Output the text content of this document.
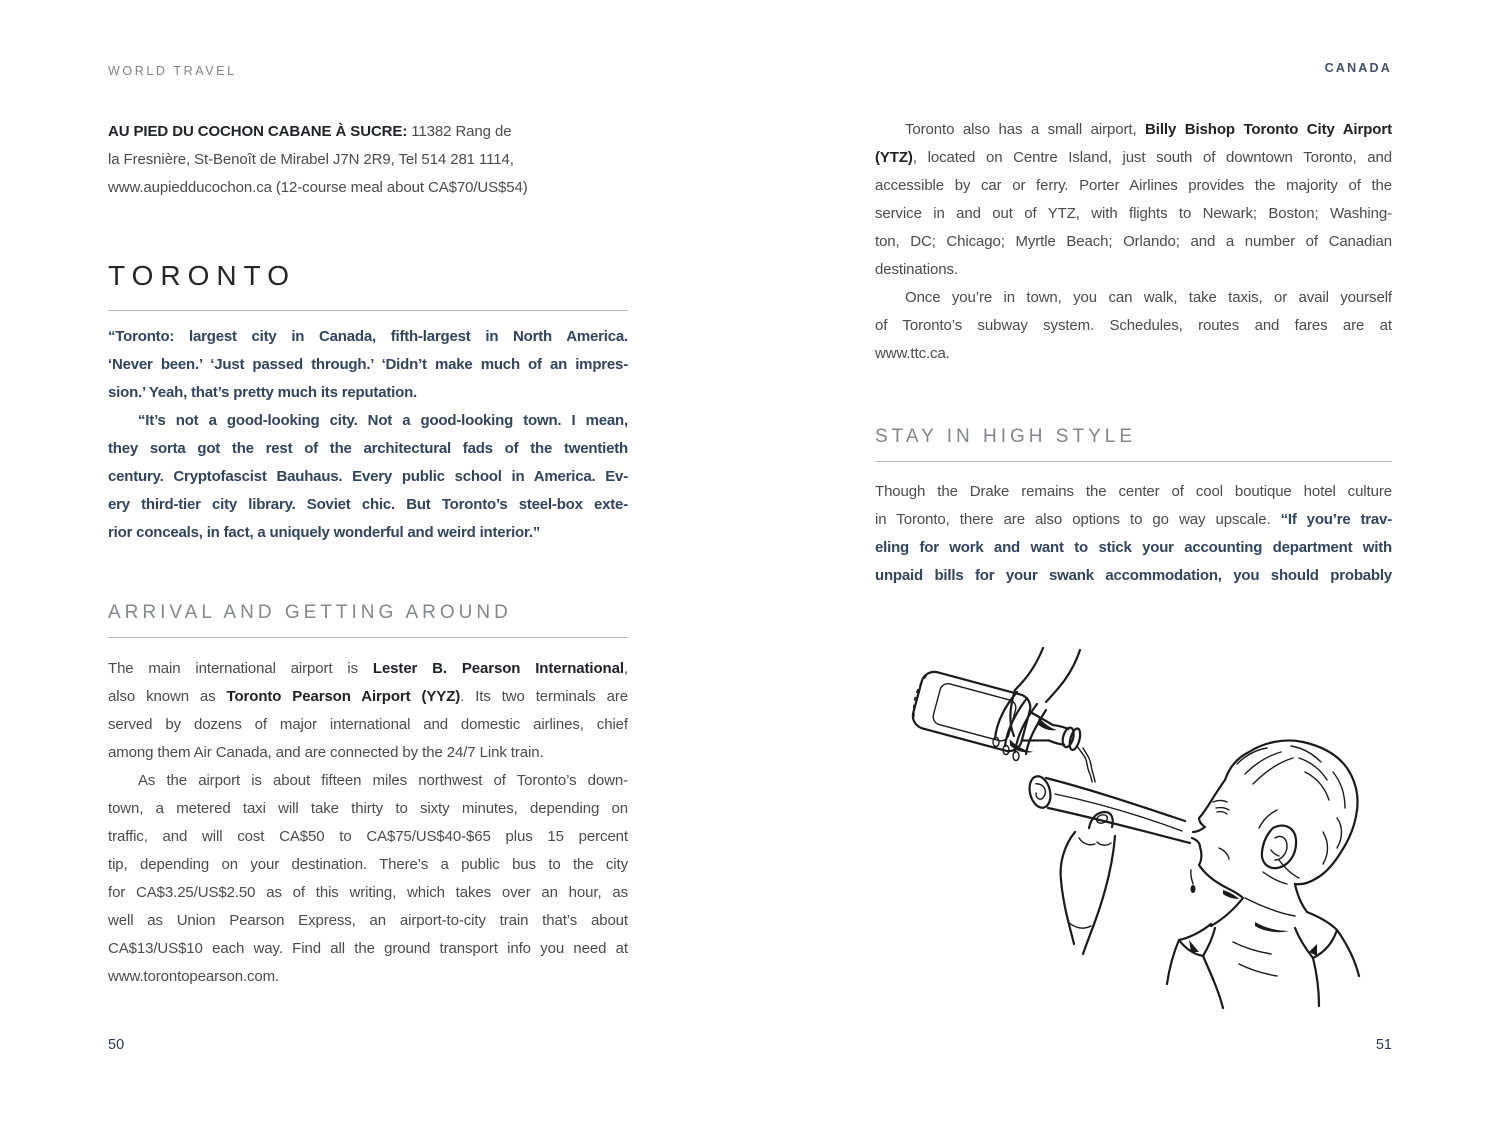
WORLD TRAVEL
AU PIED DU COCHON CABANE À SUCRE: 11382 Rang de
la Fresnière, St-Benoît de Mirabel J7N 2R9, Tel 514 281 1114,
www.aupiedducochon.ca (12-course meal about CA$70/US$54)
TORONTO
“Toronto: largest city in Canada, fifth-largest in North America.
‘Never been.’ ‘Just passed through.’ ‘Didn’t make much of an impres-
sion.’ Yeah, that’s pretty much its reputation.
“It’s not a good-looking city. Not a good-looking town. I mean,
they sorta got the rest of the architectural fads of the twentieth
century. Cryptofascist Bauhaus. Every public school in America. Ev-
ery third-tier city library. Soviet chic. But Toronto’s steel-box exte-
rior conceals, in fact, a uniquely wonderful and weird interior.”
ARRIVAL AND GETTING AROUND
The main international airport is Lester B. Pearson International,
also known as Toronto Pearson Airport (YYZ). Its two terminals are
served by dozens of major international and domestic airlines, chief
among them Air Canada, and are connected by the 24/7 Link train.
As the airport is about fifteen miles northwest of Toronto’s down-
town, a metered taxi will take thirty to sixty minutes, depending on
traffic, and will cost CA$50 to CA$75/US$40-$65 plus 15 percent
tip, depending on your destination. There’s a public bus to the city
for CA$3.25/US$2.50 as of this writing, which takes over an hour, as
well as Union Pearson Express, an airport-to-city train that’s about
CA$13/US$10 each way. Find all the ground transport info you need at
www.torontopearson.com.
50
CANADA
Toronto also has a small airport, Billy Bishop Toronto City Airport
(YTZ), located on Centre Island, just south of downtown Toronto, and
accessible by car or ferry. Porter Airlines provides the majority of the
service in and out of YTZ, with flights to Newark; Boston; Washing-
ton, DC; Chicago; Myrtle Beach; Orlando; and a number of Canadian
destinations.
Once you’re in town, you can walk, take taxis, or avail yourself
of Toronto’s subway system. Schedules, routes and fares are at
www.ttc.ca.
STAY IN HIGH STYLE
Though the Drake remains the center of cool boutique hotel culture
in Toronto, there are also options to go way upscale. “If you’re trav-
eling for work and want to stick your accounting department with
unpaid bills for your swank accommodation, you should probably
51
